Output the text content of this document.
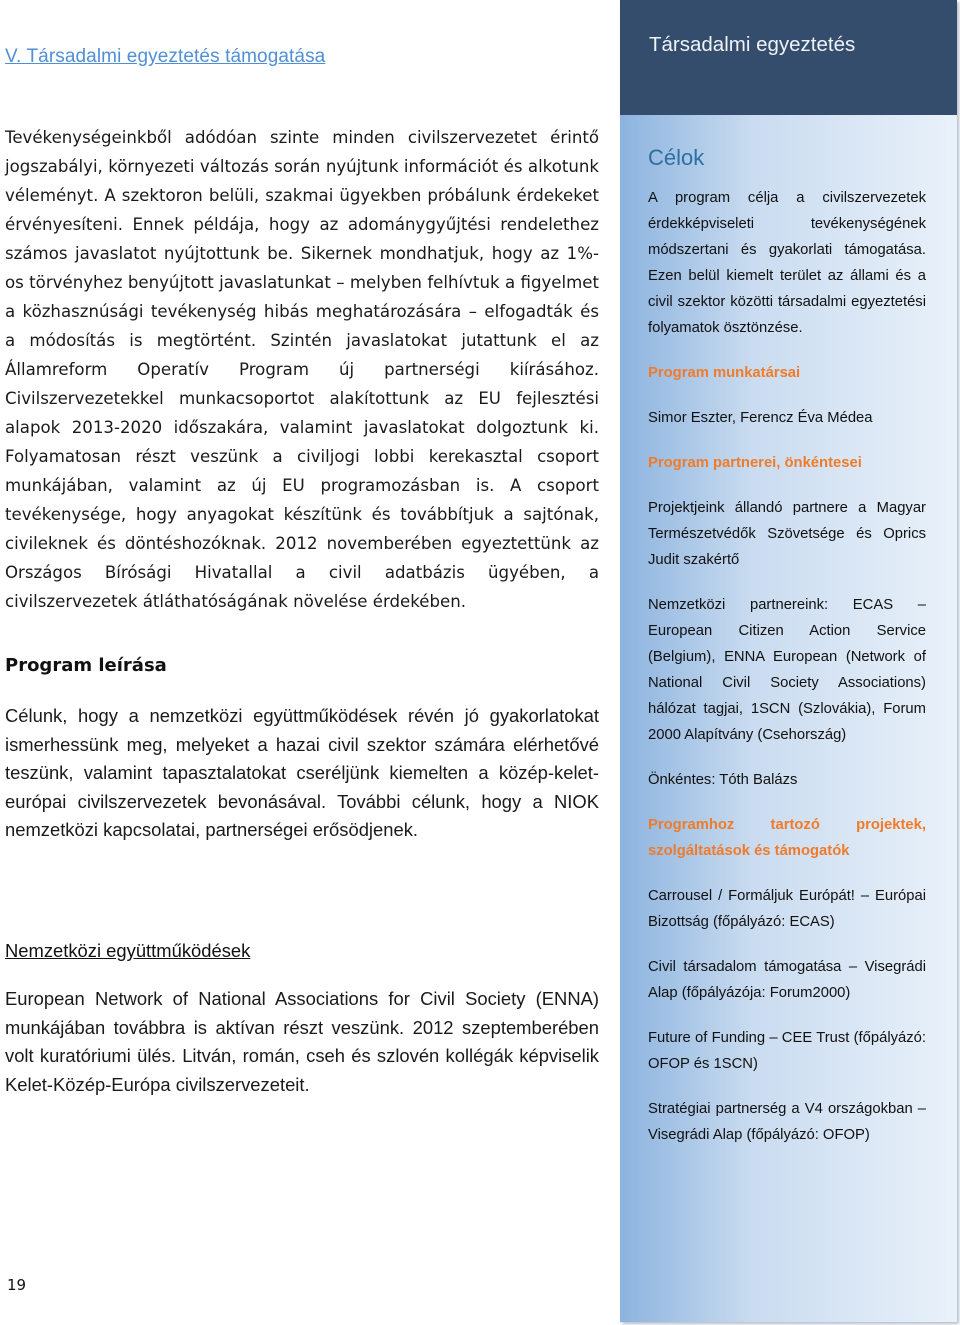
V. Társadalmi egyeztetés támogatása

Tevékenységeinkből adódóan szinte minden civilszervezetet érintő jogszabályi, környezeti változás során nyújtunk információt és alkotunk véleményt. A szektoron belüli, szakmai ügyekben próbálunk érdekeket érvényesíteni. Ennek példája, hogy az adománygyűjtési rendelethez számos javaslatot nyújtottunk be. Sikernek mondhatjuk, hogy az 1%-os törvényhez benyújtott javaslatunkat – melyben felhívtuk a figyelmet a közhasznúsági tevékenység hibás meghatározására – elfogadták és a módosítás is megtörtént. Szintén javaslatokat jutattunk el az Államreform Operatív Program új partnerségi kiírásához. Civilszervezetekkel munkacsoportot alakítottunk az EU fejlesztési alapok 2013-2020 időszakára, valamint javaslatokat dolgoztunk ki. Folyamatosan részt veszünk a civiljogi lobbi kerekasztal csoport munkájában, valamint az új EU programozásban is. A csoport tevékenysége, hogy anyagokat készítünk és továbbítjuk a sajtónak, civileknek és döntéshozóknak. 2012 novemberében egyeztettünk az Országos Bírósági Hivatallal a civil adatbázis ügyében, a civilszervezetek átláthatóságának növelése érdekében.

Program leírása

Célunk, hogy a nemzetközi együttműködések révén jó gyakorlatokat ismerhessünk meg, melyeket a hazai civil szektor számára elérhetővé teszünk, valamint tapasztalatokat cseréljünk kiemelten a közép-kelet-európai civilszervezetek bevonásával. További célunk, hogy a NIOK nemzetközi kapcsolatai, partnerségei erősödjenek.

Nemzetközi együttműködések

European Network of National Associations for Civil Society (ENNA) munkájában továbbra is aktívan részt veszünk. 2012 szeptemberében volt kuratóriumi ülés. Litván, román, cseh és szlovén kollégák képviselik Kelet-Közép-Európa civilszervezeteit.

19
Társadalmi egyeztetés
Célok

A program célja a civilszervezetek érdekképviseleti tevékenységének módszertani és gyakorlati támogatása. Ezen belül kiemelt terület az állami és a civil szektor közötti társadalmi egyeztetési folyamatok ösztönzése.

Program munkatársai

Simor Eszter, Ferencz Éva Médea

Program partnerei, önkéntesei

Projektjeink állandó partnere a Magyar Természetvédők Szövetsége és Oprics Judit szakértő

Nemzetközi partnereink: ECAS – European Citizen Action Service (Belgium), ENNA European (Network of National Civil Society Associations) hálózat tagjai, 1SCN (Szlovákia), Forum 2000 Alapítvány (Csehország)

Önkéntes: Tóth Balázs

Programhoz tartozó projektek, szolgáltatások és támogatók

Carrousel / Formáljuk Európát! – Európai Bizottság (főpályázó: ECAS)

Civil társadalom támogatása – Visegrádi Alap (főpályázója: Forum2000)

Future of Funding – CEE Trust (főpályázó: OFOP és 1SCN)

Stratégiai partnerség a V4 országokban – Visegrádi Alap (főpályázó: OFOP)
